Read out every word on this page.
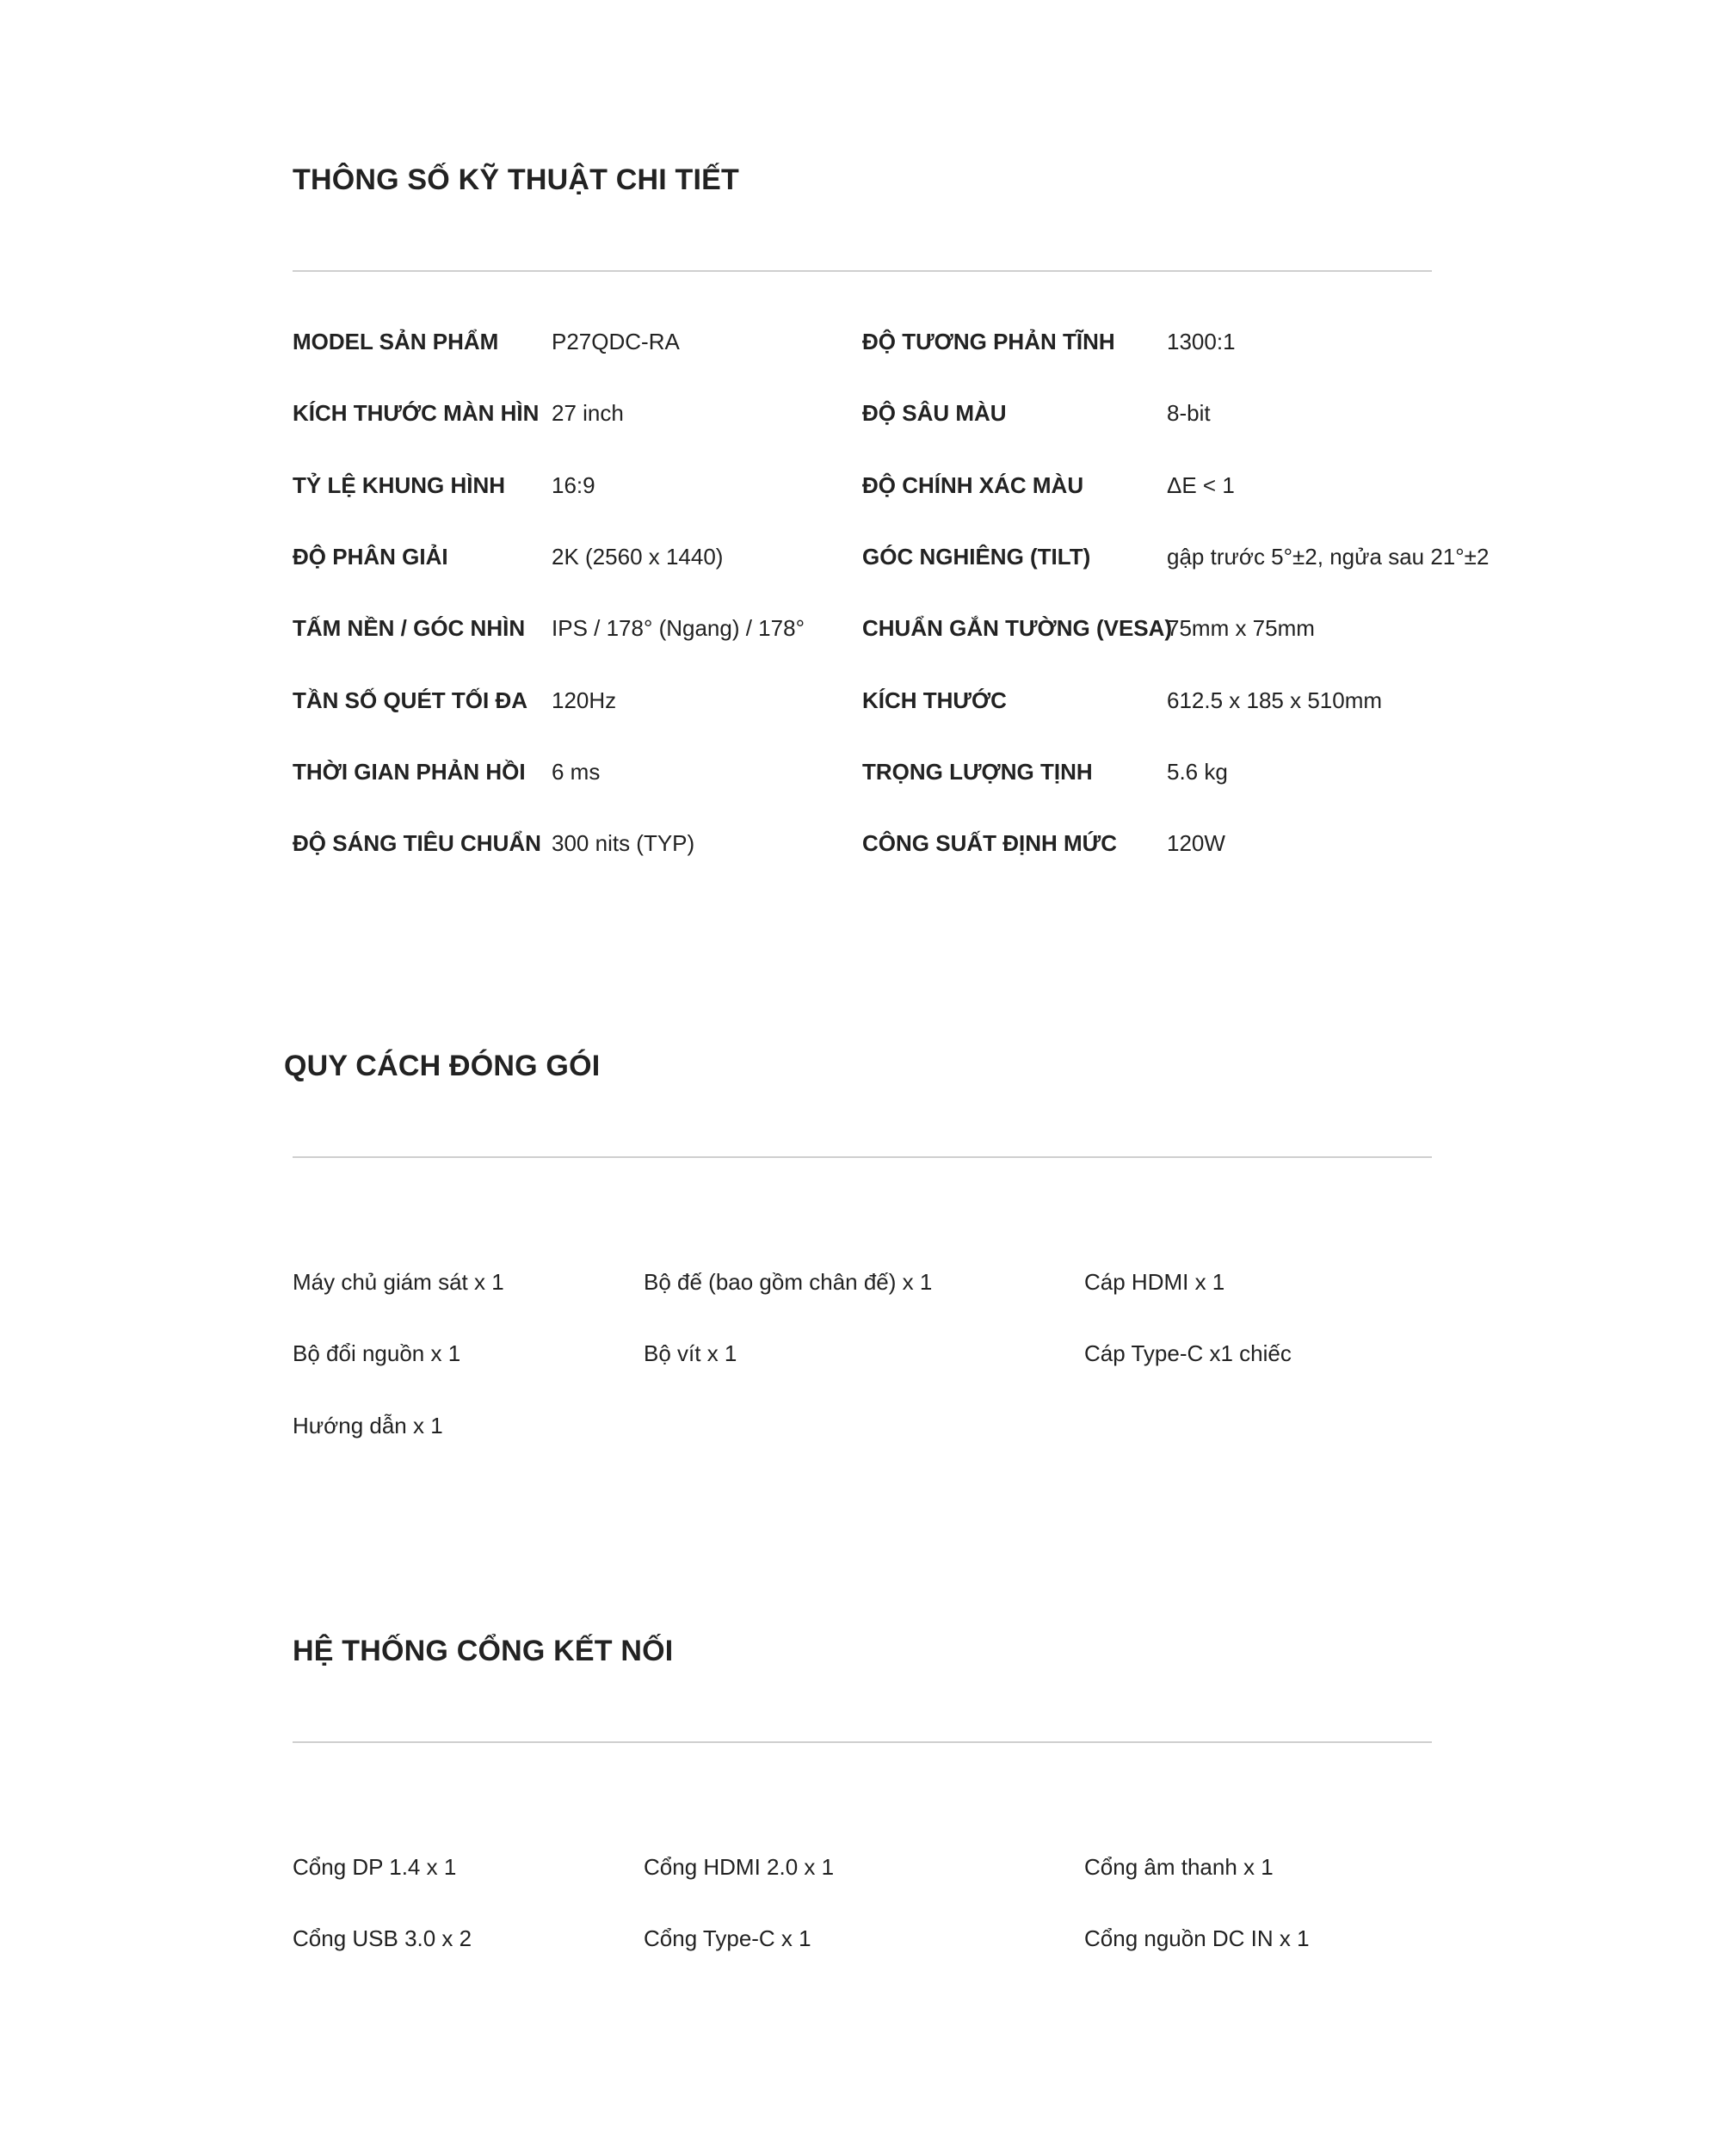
THÔNG SỐ KỸ THUẬT CHI TIẾT
MODEL SẢN PHẨM P27QDC-RA
KÍCH THƯỚC MÀN HÌN 27 inch
TỶ LỆ KHUNG HÌNH 16:9
ĐỘ PHÂN GIẢI	2K (2560 x 1440)
TẤM NỀN / GÓC NHÌN IPS / 178° (Ngang) / 178°
TẦN SỐ QUÉT TỐI ĐA 120Hz
THỜI GIAN PHẢN HỒI 6 ms
ĐỘ SÁNG TIÊU CHUẨN 300 nits (TYP)
ĐỘ TƯƠNG PHẢN TĨNH 1300:1
ĐỘ SÂU MÀU	8-bit
ĐỘ CHÍNH XÁC MÀU	ΔE < 1
GÓC NGHIÊNG (TILT)	gập trước 5°±2, ngửa sau 21°±2
CHUẨN GẮN TƯỜNG (VESA)
75mm x 75mm
KÍCH THƯỚC	612.5 x 185 x 510mm
TRỌNG LƯỢNG TỊNH	5.6 kg
CÔNG SUẤT ĐỊNH MỨC 120W
QUY CÁCH ĐÓNG GÓI
Máy chủ giám sát x 1	Bộ đế (bao gồm chân đế) x 1	Cáp HDMI x 1
Bộ đổi nguồn x 1	Bộ vít x 1	Cáp Type-C x1 chiếc
Hướng dẫn x 1
HỆ THỐNG CỔNG KẾT NỐI
Cổng DP 1.4 x 1	Cổng HDMI 2.0 x 1	Cổng âm thanh x 1
Cổng USB 3.0 x 2	Cổng Type-C x 1	Cổng nguồn DC IN x 1
